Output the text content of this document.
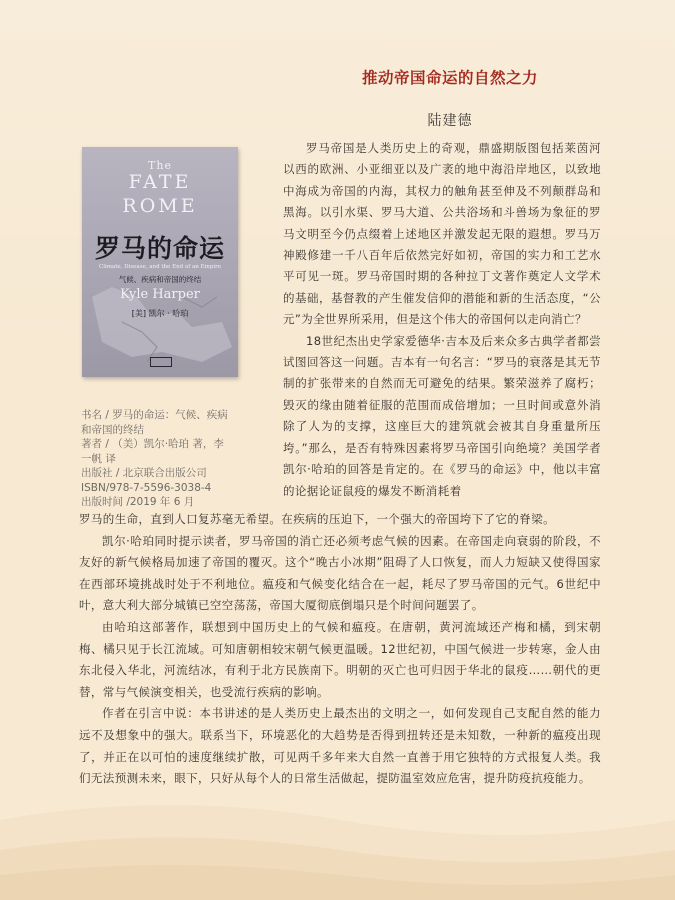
推动帝国命运的自然之力
陆建德
The
FATE
ROME
罗马的命运
Climate, Disease, and the End of an Empire
气候、疾病和帝国的终结
Kyle Harper
[美] 凯尔 · 哈珀
书名 / 罗马的命运：气候、疾病
和帝国的终结
著者 / （美）凯尔·哈珀 著，李
一帆 译
出版社 / 北京联合出版公司
ISBN/978-7-5596-3038-4
出版时间 /2019 年 6 月

罗马帝国是人类历史上的奇观，鼎盛期版图包括莱茵河以西的欧洲、小亚细亚以及广袤的地中海沿岸地区，以致地中海成为帝国的内海，其权力的触角甚至伸及不列颠群岛和黑海。以引水渠、罗马大道、公共浴场和斗兽场为象征的罗马文明至今仍点缀着上述地区并激发起无限的遐想。罗马万神殿修建一千八百年后依然完好如初，帝国的实力和工艺水平可见一斑。罗马帝国时期的各种拉丁文著作奠定人文学术的基础，基督教的产生催发信仰的潜能和新的生活态度，“公元”为全世界所采用，但是这个伟大的帝国何以走向消亡？

18世纪杰出史学家爱德华·吉本及后来众多古典学者都尝试图回答这一问题。吉本有一句名言：“罗马的衰落是其无节制的扩张带来的自然而无可避免的结果。繁荣滋养了腐朽；毁灭的缘由随着征服的范围而成倍增加；一旦时间或意外消除了人为的支撑，这座巨大的建筑就会被其自身重量所压垮。”那么，是否有特殊因素将罗马帝国引向绝境？美国学者凯尔·哈珀的回答是肯定的。在《罗马的命运》中，他以丰富的论据论证鼠疫的爆发不断消耗着

罗马的生命，直到人口复苏毫无希望。在疾病的压迫下，一个强大的帝国垮下了它的脊梁。

凯尔·哈珀同时提示读者，罗马帝国的消亡还必须考虑气候的因素。在帝国走向衰弱的阶段，不友好的新气候格局加速了帝国的覆灭。这个“晚古小冰期”阻碍了人口恢复，而人力短缺又使得国家在西部环境挑战时处于不利地位。瘟疫和气候变化结合在一起，耗尽了罗马帝国的元气。6世纪中叶，意大利大部分城镇已空空荡荡，帝国大厦彻底倒塌只是个时间问题罢了。

由哈珀这部著作，联想到中国历史上的气候和瘟疫。在唐朝，黄河流域还产梅和橘，到宋朝梅、橘只见于长江流域。可知唐朝相较宋朝气候更温暖。12世纪初，中国气候进一步转寒，金人由东北侵入华北，河流结冰，有利于北方民族南下。明朝的灭亡也可归因于华北的鼠疫……朝代的更替，常与气候演变相关，也受流行疾病的影响。

作者在引言中说：本书讲述的是人类历史上最杰出的文明之一，如何发现自己支配自然的能力远不及想象中的强大。联系当下，环境恶化的大趋势是否得到扭转还是未知数，一种新的瘟疫出现了，并正在以可怕的速度继续扩散，可见两千多年来大自然一直善于用它独特的方式报复人类。我们无法预测未来，眼下，只好从每个人的日常生活做起，提防温室效应危害，提升防疫抗疫能力。
